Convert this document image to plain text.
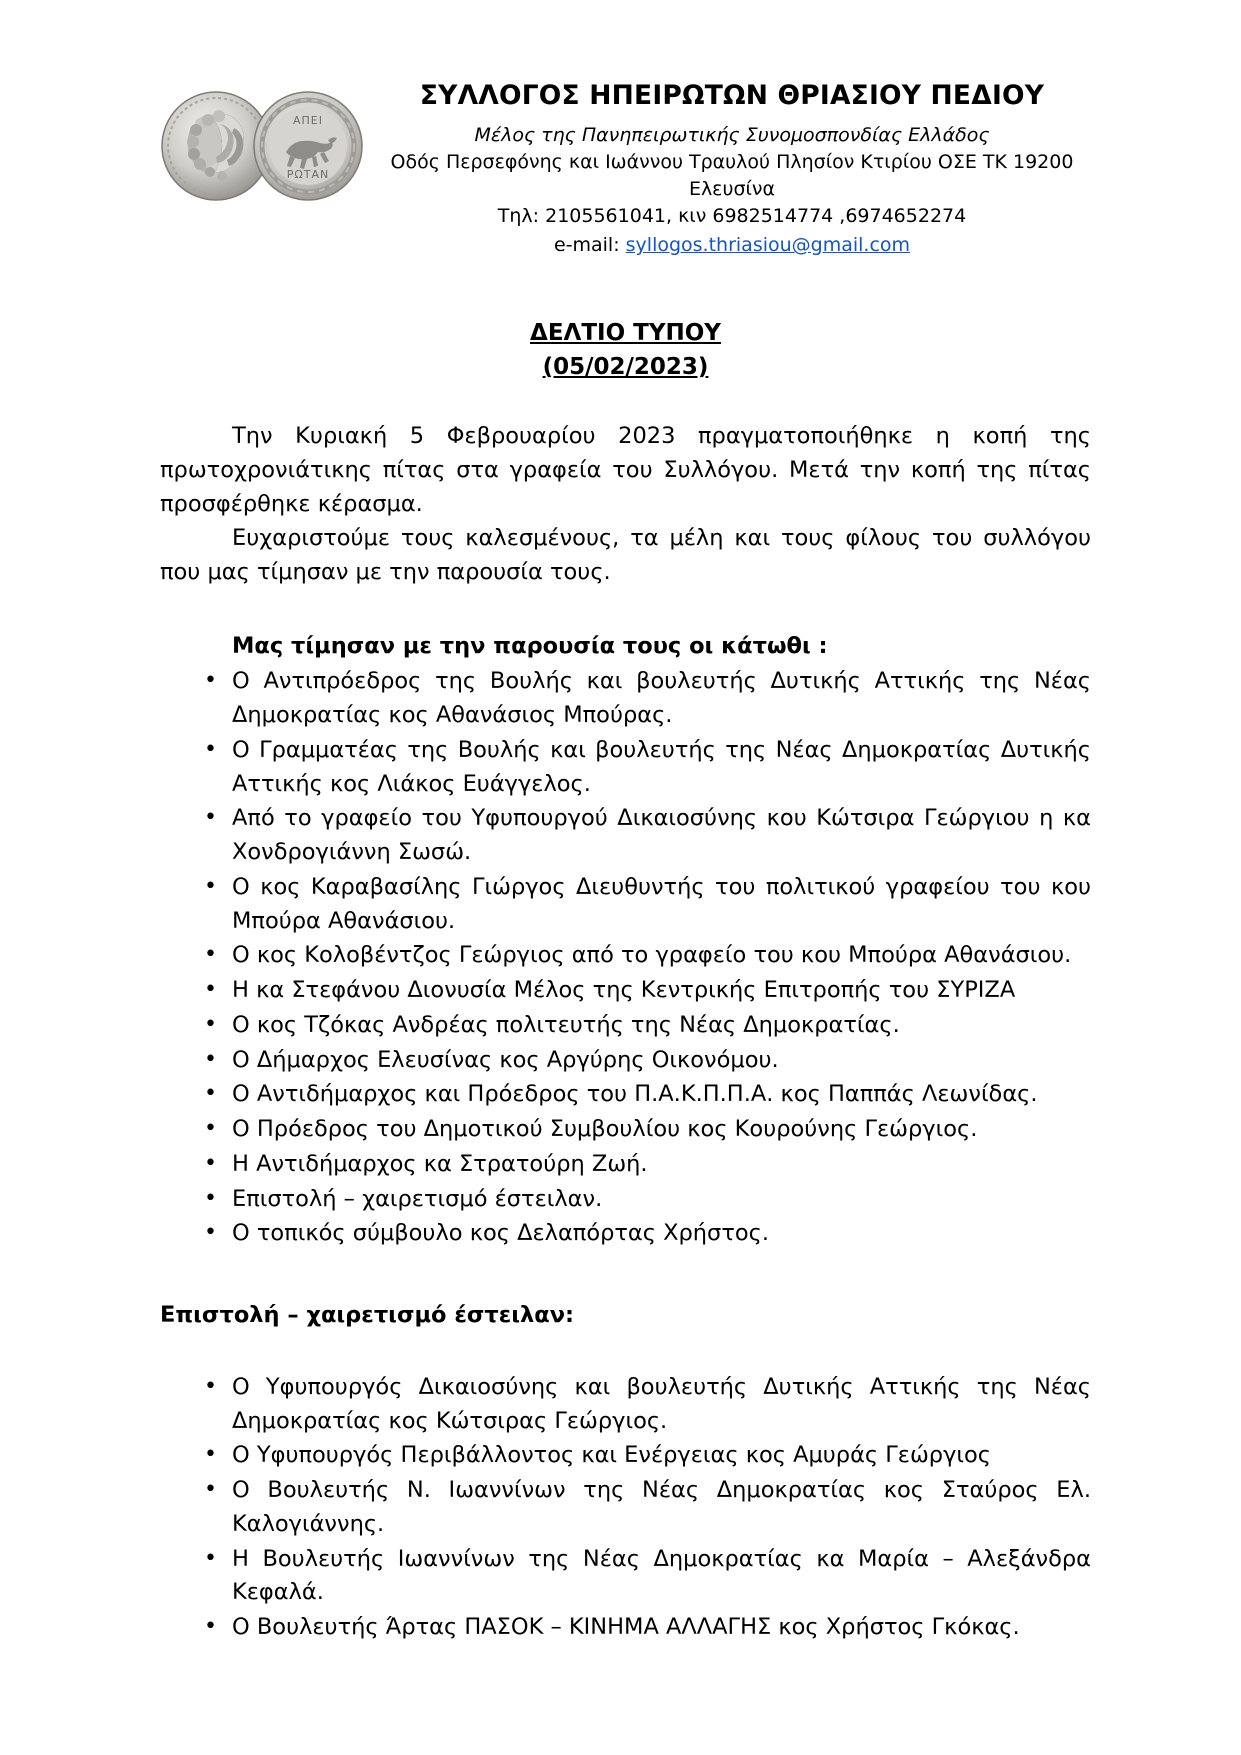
ΑΠΕΙ
ΡΩΤΑΝ
ΣΥΛΛΟΓΟΣ ΗΠΕΙΡΩΤΩΝ ΘΡΙΑΣΙΟΥ ΠΕΔΙΟΥ
Μέλος της Πανηπειρωτικής Συνομοσπονδίας Ελλάδος
Οδός Περσεφόνης και Ιωάννου Τραυλού Πλησίον Κτιρίου ΟΣΕ ΤΚ 19200
Ελευσίνα
Τηλ: 2105561041, κιν 6982514774 ,6974652274
e-mail: syllogos.thriasiou@gmail.com
ΔΕΛΤΙΟ ΤΥΠΟΥ
(05/02/2023)

Την Κυριακή 5 Φεβρουαρίου 2023 πραγματοποιήθηκε η κοπή της πρωτοχρονιάτικης πίτας στα γραφεία του Συλλόγου. Μετά την κοπή της πίτας προσφέρθηκε κέρασμα.

Ευχαριστούμε τους καλεσμένους, τα μέλη και τους φίλους του συλλόγου που μας τίμησαν με την παρουσία τους.

Μας τίμησαν με την παρουσία τους οι κάτωθι :
• Ο Αντιπρόεδρος της Βουλής και βουλευτής Δυτικής Αττικής της Νέας Δημοκρατίας κος Αθανάσιος Μπούρας.
• Ο Γραμματέας της Βουλής και βουλευτής της Νέας Δημοκρατίας Δυτικής Αττικής κος Λιάκος Ευάγγελος.
• Από το γραφείο του Υφυπουργού Δικαιοσύνης κου Κώτσιρα Γεώργιου η κα Χονδρογιάννη Σωσώ.
• Ο κος Καραβασίλης Γιώργος Διευθυντής του πολιτικού γραφείου του κου Μπούρα Αθανάσιου.
• Ο κος Κολοβέντζος Γεώργιος από το γραφείο του κου Μπούρα Αθανάσιου.
• Η κα Στεφάνου Διονυσία Μέλος της Κεντρικής Επιτροπής του ΣΥΡΙΖΑ
• Ο κος Τζόκας Ανδρέας πολιτευτής της Νέας Δημοκρατίας.
• Ο Δήμαρχος Ελευσίνας κος Αργύρης Οικονόμου.
• Ο Αντιδήμαρχος και Πρόεδρος του Π.Α.Κ.Π.Π.Α. κος Παππάς Λεωνίδας.
• Ο Πρόεδρος του Δημοτικού Συμβουλίου κος Κουρούνης Γεώργιος.
• Η Αντιδήμαρχος κα Στρατούρη Ζωή.
• Επιστολή – χαιρετισμό έστειλαν.
• Ο τοπικός σύμβουλο κος Δελαπόρτας Χρήστος.
Επιστολή – χαιρετισμό έστειλαν:
• Ο Υφυπουργός Δικαιοσύνης και βουλευτής Δυτικής Αττικής της Νέας Δημοκρατίας κος Κώτσιρας Γεώργιος.
• Ο Υφυπουργός Περιβάλλοντος και Ενέργειας κος Αμυράς Γεώργιος
• Ο Βουλευτής Ν. Ιωαννίνων της Νέας Δημοκρατίας κος Σταύρος Ελ. Καλογιάννης.
• Η Βουλευτής Ιωαννίνων της Νέας Δημοκρατίας κα Μαρία – Αλεξάνδρα Κεφαλά.
• Ο Βουλευτής Άρτας ΠΑΣΟΚ – ΚΙΝΗΜΑ ΑΛΛΑΓΗΣ κος Χρήστος Γκόκας.
